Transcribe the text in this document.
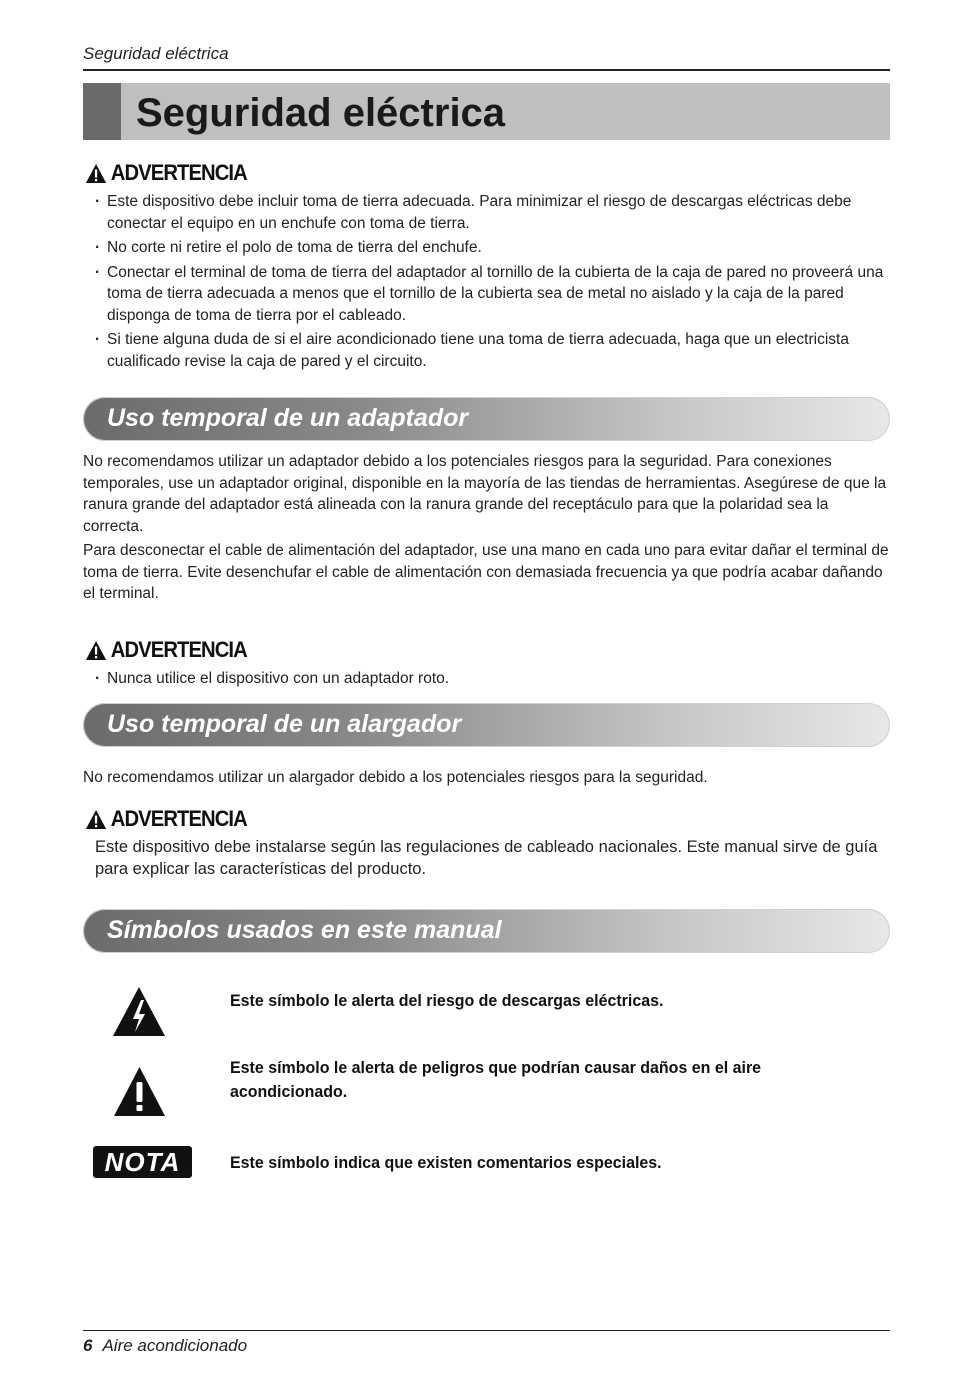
Seguridad eléctrica
Seguridad eléctrica
ADVERTENCIA
· Este dispositivo debe incluir toma de tierra adecuada. Para minimizar el riesgo de descargas eléctricas debe conectar el equipo en un enchufe con toma de tierra.
· No corte ni retire el polo de toma de tierra del enchufe.
· Conectar el terminal de toma de tierra del adaptador al tornillo de la cubierta de la caja de pared no proveerá una toma de tierra adecuada a menos que el tornillo de la cubierta sea de metal no aislado y la caja de la pared disponga de toma de tierra por el cableado.
· Si tiene alguna duda de si el aire acondicionado tiene una toma de tierra adecuada, haga que un electricista cualificado revise la caja de pared y el circuito.
Uso temporal de un adaptador

No recomendamos utilizar un adaptador debido a los potenciales riesgos para la seguridad. Para conexiones temporales, use un adaptador original, disponible en la mayoría de las tiendas de herramientas. Asegúrese de que la ranura grande del adaptador está alineada con la ranura grande del receptáculo para que la polaridad sea la correcta.

Para desconectar el cable de alimentación del adaptador, use una mano en cada uno para evitar dañar el terminal de toma de tierra. Evite desenchufar el cable de alimentación con demasiada frecuencia ya que podría acabar dañando el terminal.

ADVERTENCIA
· Nunca utilice el dispositivo con un adaptador roto.
Uso temporal de un alargador

No recomendamos utilizar un alargador debido a los potenciales riesgos para la seguridad.

ADVERTENCIA

Este dispositivo debe instalarse según las regulaciones de cableado nacionales. Este manual sirve de guía para explicar las características del producto.

Símbolos usados en este manual
Este símbolo le alerta del riesgo de descargas eléctricas.
Este símbolo le alerta de peligros que podrían causar daños en el aire acondicionado.
NOTA	Este símbolo indica que existen comentarios especiales.
6 Aire acondicionado
